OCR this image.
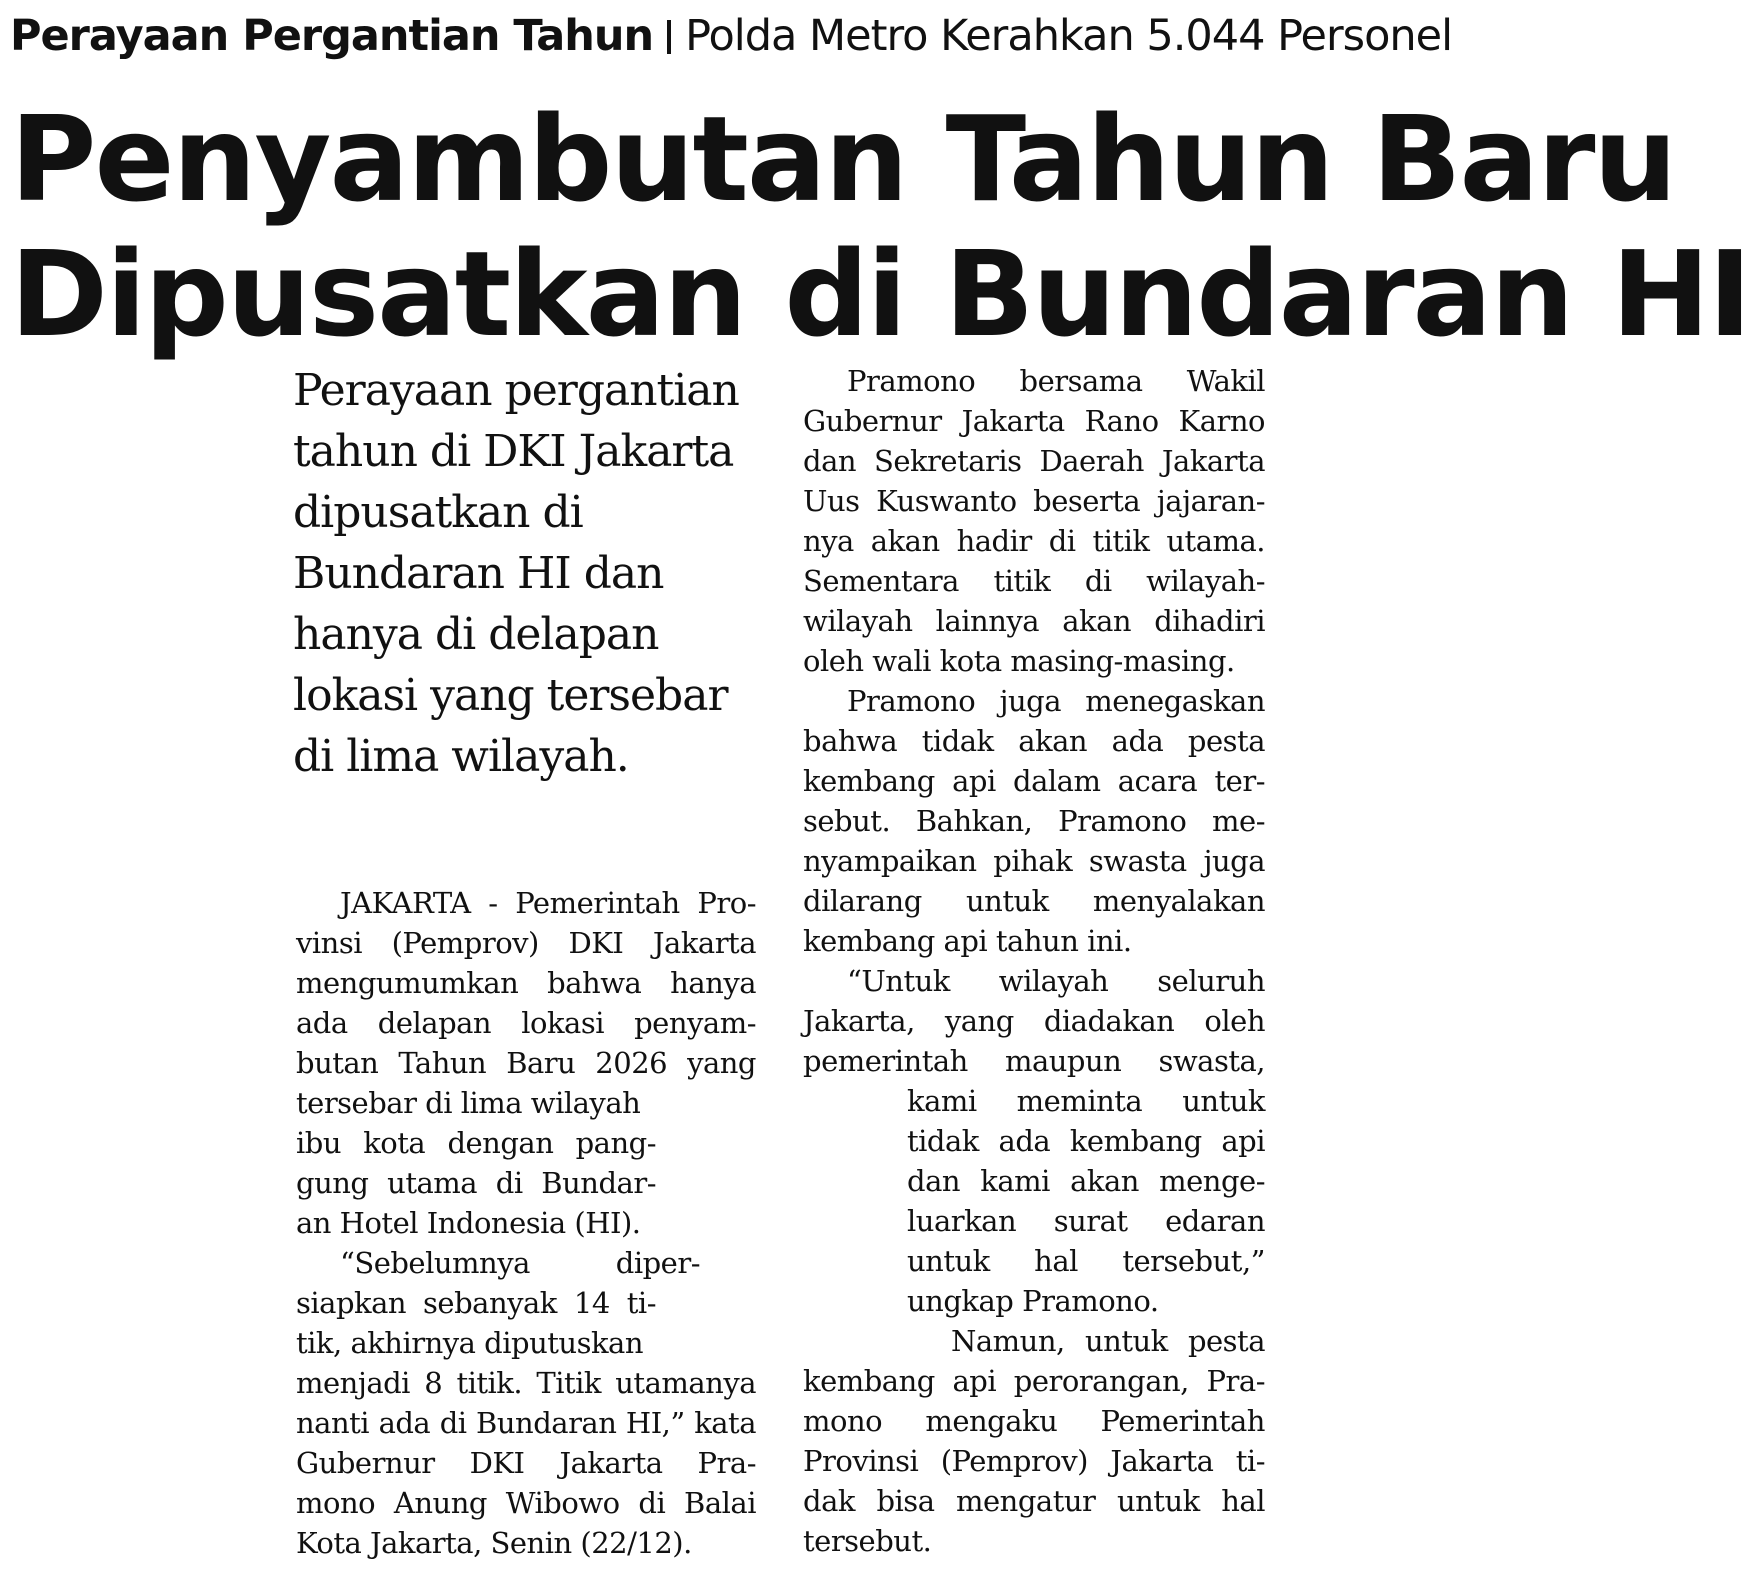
Perayaan Pergantian Tahun Polda Metro Kerahkan 5.044 Personel
Penyambutan Tahun Baru
Dipusatkan di Bundaran HI
Perayaan pergantian
tahun di DKI Jakarta
dipusatkan di
Bundaran HI dan
hanya di delapan
lokasi yang tersebar
di lima wilayah.
JAKARTA - Pemerintah Pro-
vinsi (Pemprov) DKI Jakarta
mengumumkan bahwa hanya
ada delapan lokasi penyam-
butan Tahun Baru 2026 yang
tersebar di lima wilayah
ibu kota dengan pang-
gung utama di Bundar-
an Hotel Indonesia (HI).
“Sebelumnya diper-
siapkan sebanyak 14 ti-
tik, akhirnya diputuskan
menjadi 8 titik. Titik utamanya
nanti ada di Bundaran HI,” kata
Gubernur DKI Jakarta Pra-
mono Anung Wibowo di Balai
Kota Jakarta, Senin (22/12).
Pramono bersama Wakil
Gubernur Jakarta Rano Karno
dan Sekretaris Daerah Jakarta
Uus Kuswanto beserta jajaran-
nya akan hadir di titik utama.
Sementara titik di wilayah-
wilayah lainnya akan dihadiri
oleh wali kota masing-masing.
Pramono juga menegaskan
bahwa tidak akan ada pesta
kembang api dalam acara ter-
sebut. Bahkan, Pramono me-
nyampaikan pihak swasta juga
dilarang untuk menyalakan
kembang api tahun ini.
“Untuk wilayah seluruh
Jakarta, yang diadakan oleh
pemerintah maupun swasta,
kami meminta untuk
tidak ada kembang api
dan kami akan menge-
luarkan surat edaran
untuk hal tersebut,”
ungkap Pramono.
Namun, untuk pesta
kembang api perorangan, Pra-
mono mengaku Pemerintah
Provinsi (Pemprov) Jakarta ti-
dak bisa mengatur untuk hal
tersebut.
